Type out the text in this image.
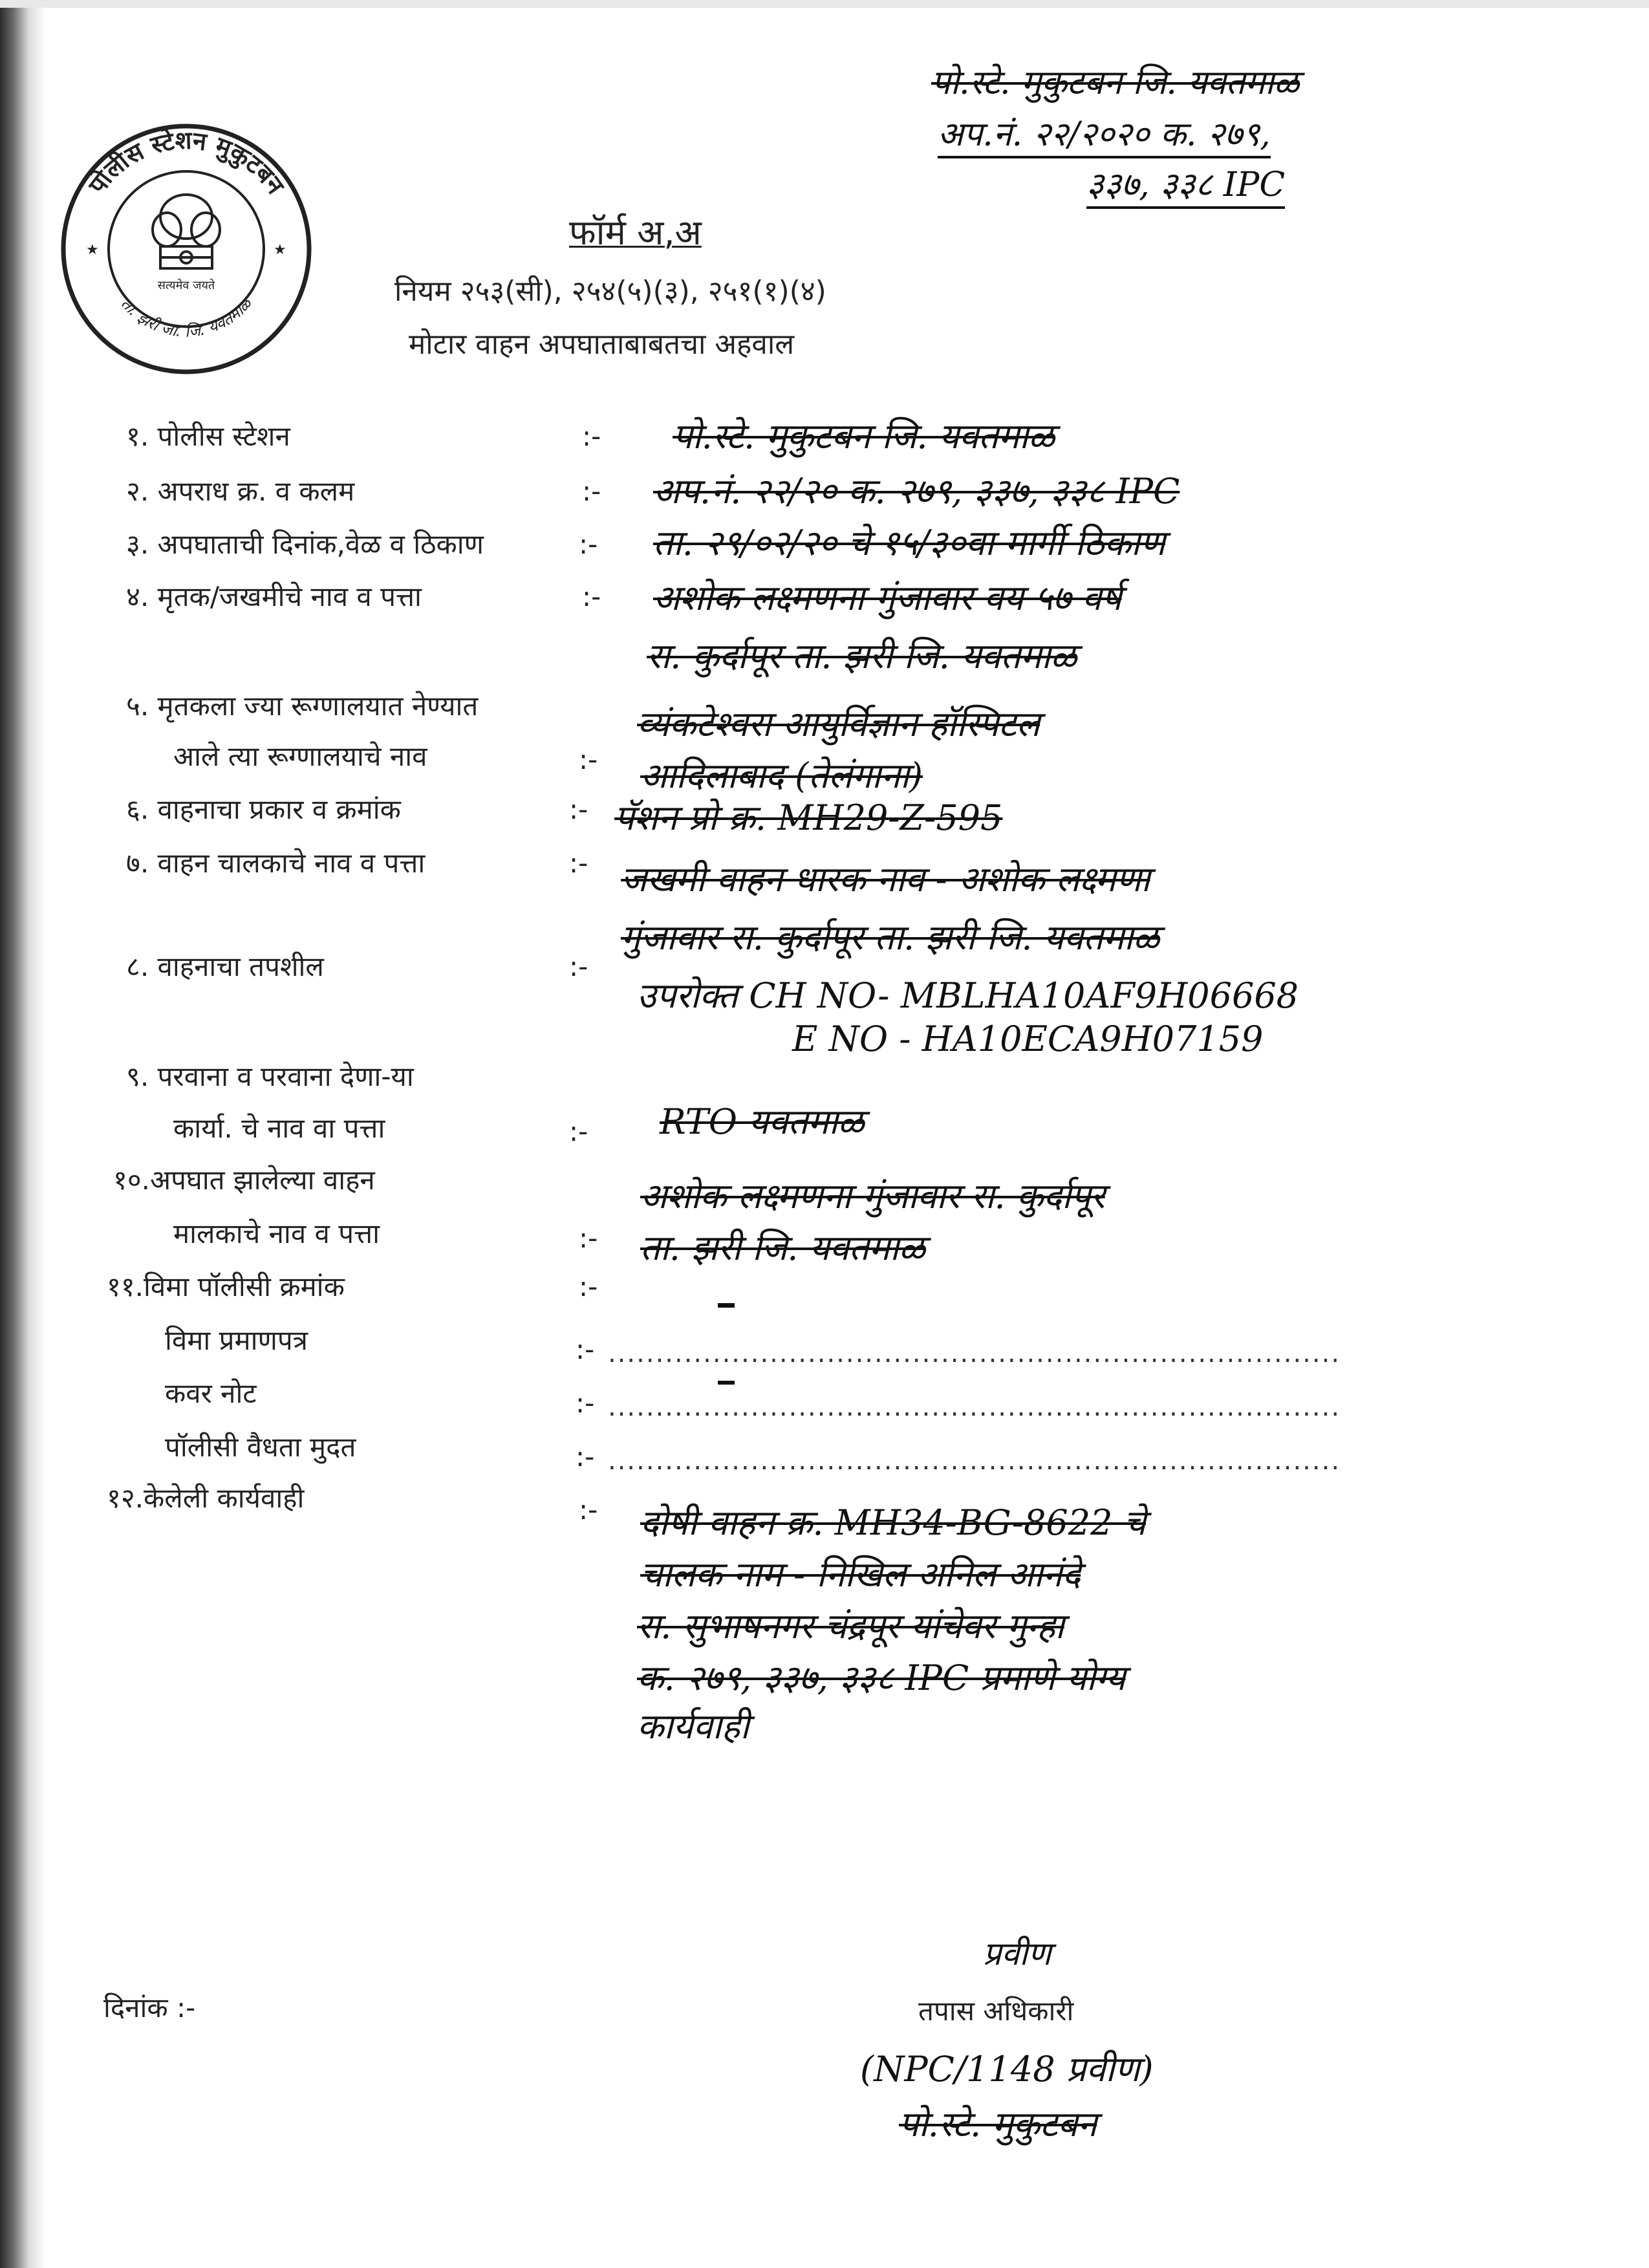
पोलीस स्टेशन मुकुटबन
ता. झरी जा. जि. यवतमाळ
★	★
सत्यमेव जयते
पो.स्टे. मुकुटबन जि. यवतमाळ
अप.नं. २२/२०२० क. २७९,
३३७, ३३८ IPC
फॉर्म अ,अ
नियम २५३(सी), २५४(५)(३), २५१(१)(४)
मोटार वाहन अपघाताबाबतचा अहवाल
१. पोलीस स्टेशन	:- पो.स्टे. मुकुटबन जि. यवतमाळ
२. अपराध क्र. व कलम	:- अप.नं. २२/२० क. २७९, ३३७, ३३८ IPC
३. अपघाताची दिनांक,वेळ व ठिकाण	:- ता. २९/०२/२० चे १५/३०वा मार्गी ठिकाण
४. मृतक/जखमीचे नाव व पत्ता	:- अशोक लक्ष्मणना गुंजावार वय ५७ वर्ष
रा. कुर्दापूर ता. झरी जि. यवतमाळ
५. मृतकला ज्या रूग्णालयात नेण्यात
आले त्या रूग्णालयाचे नाव	:-
व्यंकटेश्वरा आयुर्विज्ञान हॉस्पिटल
आदिलाबाद (तेलंगाना)
६. वाहनाचा प्रकार व क्रमांक	:- पॅशन प्रो क्र. MH29-Z-595
७. वाहन चालकाचे नाव व पत्ता	:- जखमी वाहन धारक नाव - अशोक लक्ष्मणा
गुंजावार रा. कुर्दापूर ता. झरी जि. यवतमाळ
८. वाहनाचा तपशील	:-
उपरोक्त CH NO- MBLHA10AF9H06668
E NO - HA10ECA9H07159
९. परवाना व परवाना देणा-या
कार्या. चे नाव वा पत्ता	:- RTO यवतमाळ
१०.अपघात झालेल्या वाहन
मालकाचे नाव व पत्ता	:-
अशोक लक्ष्मणना गुंजावार रा. कुर्दापूर
ता. झरी जि. यवतमाळ
११.विमा पॉलीसी क्रमांक	:-
विमा प्रमाणपत्र	:- .............................................................................
कवर नोट	:- .............................................................................
पॉलीसी वैधता मुदत	:- .............................................................................
१२.केलेली कार्यवाही	:- दोषी वाहन क्र. MH34-BG-8622 चे
चालक नाम - निखिल अनिल आनंदे
रा. सुभाषनगर चंद्रपूर यांचेवर गुन्हा
क. २७९, ३३७, ३३८ IPC प्रमाणे योग्य
कार्यवाही
प्रवीण
दिनांक :-	तपास अधिकारी
(NPC/1148 प्रवीण)
पो.स्टे. मुकुटबन
